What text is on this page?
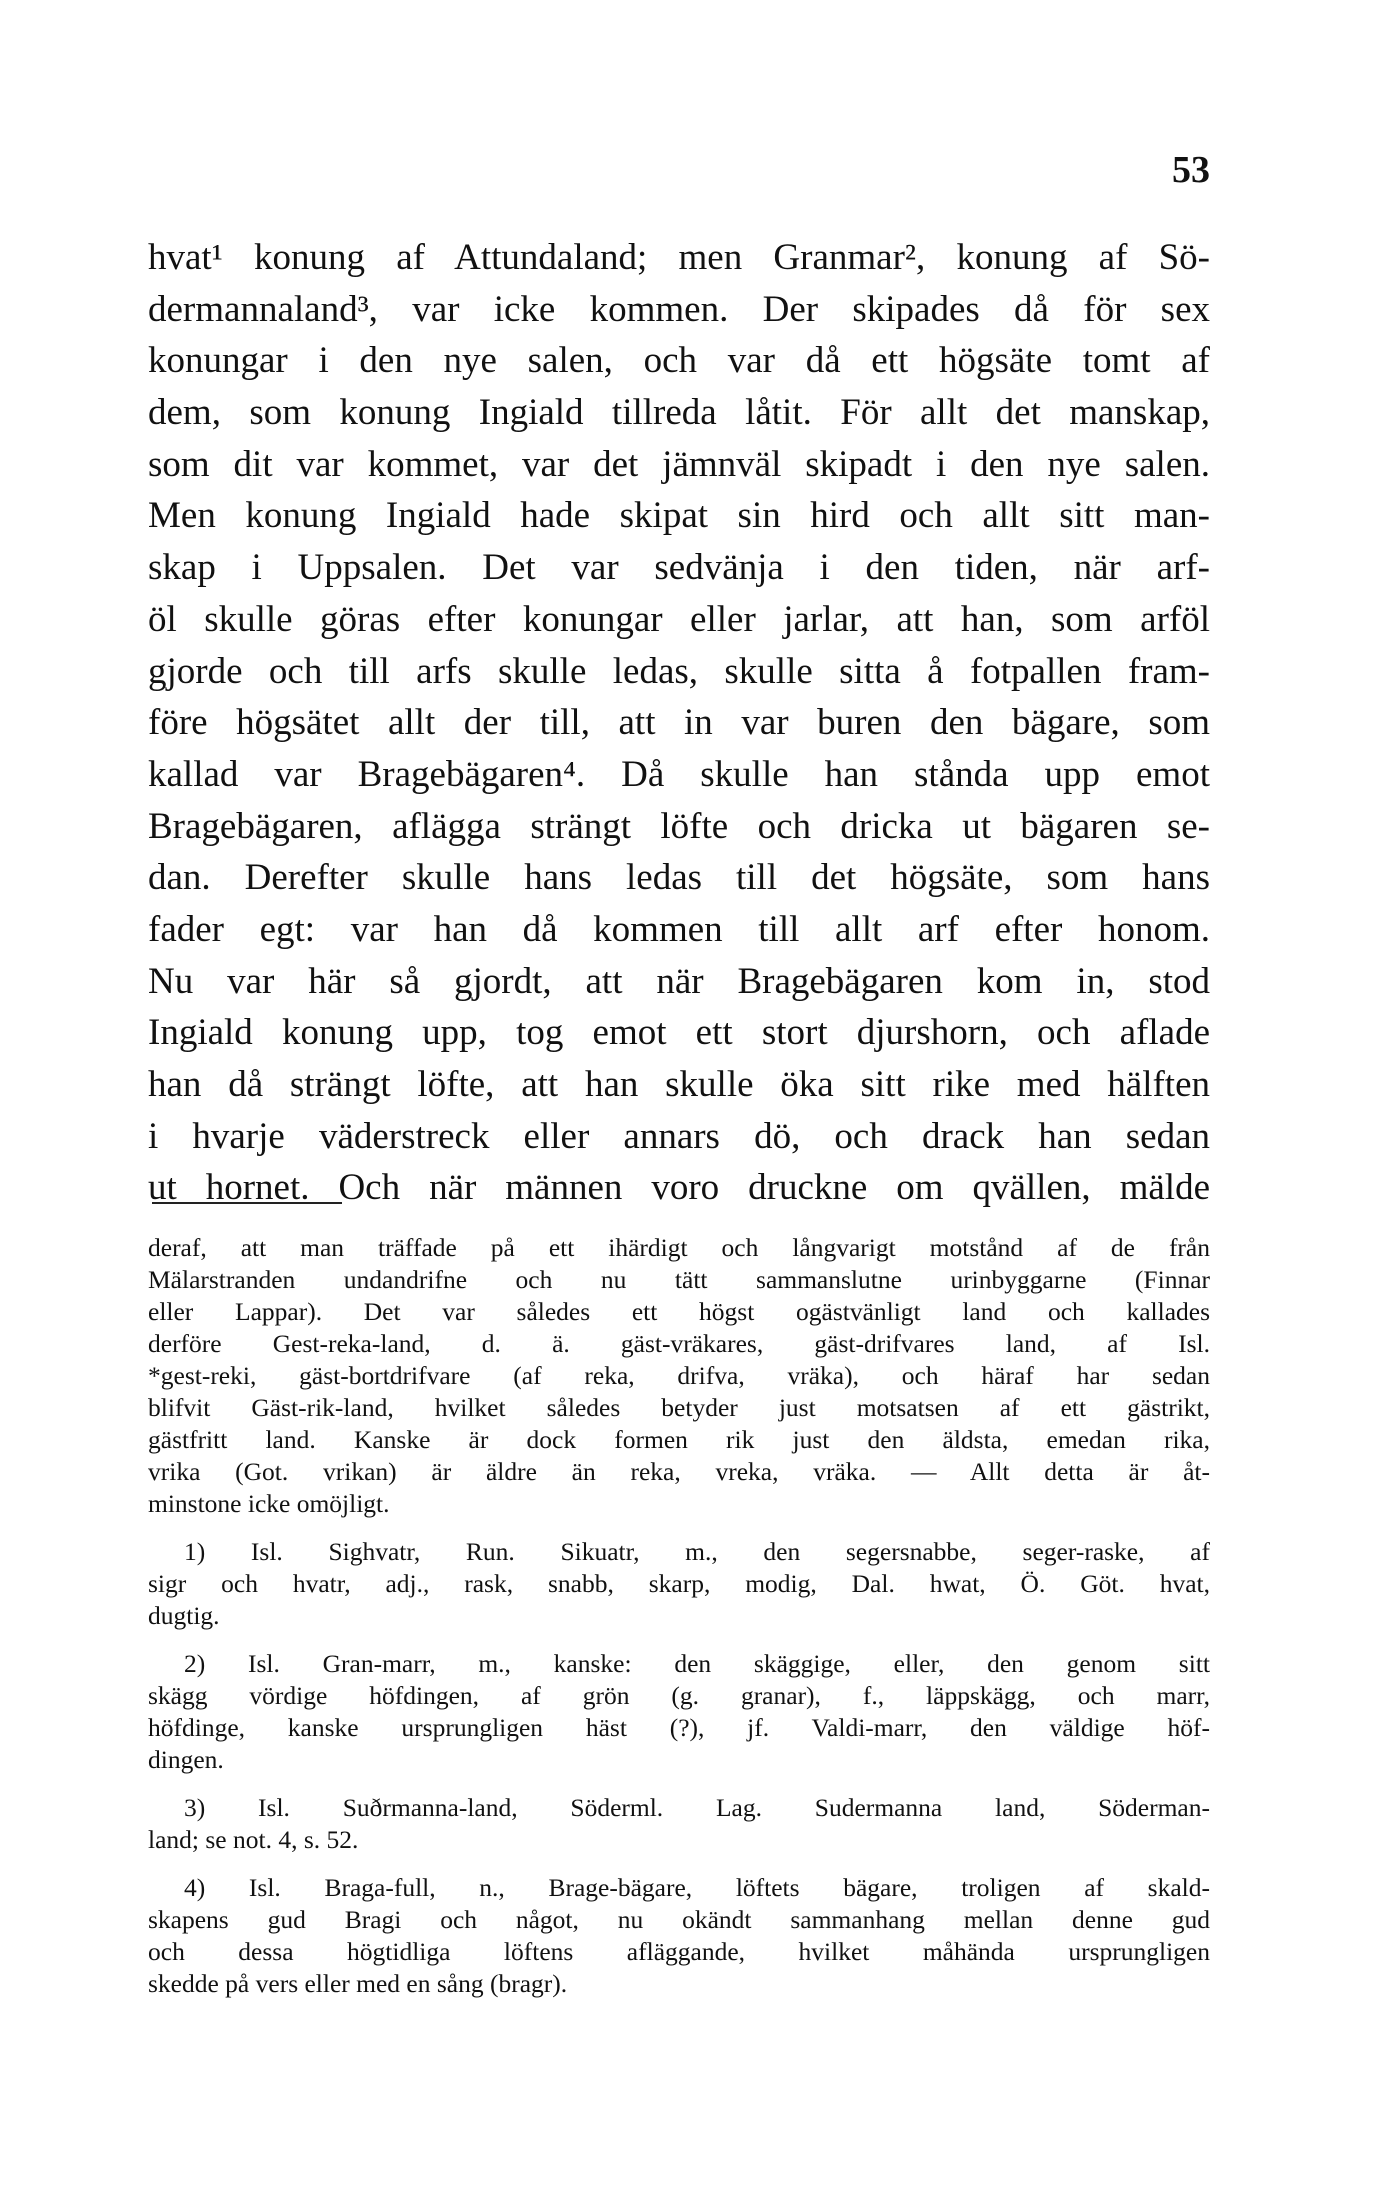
53
hvat¹ konung af Attundaland; men Granmar², konung af Sö-
dermannaland³, var icke kommen. Der skipades då för sex
konungar i den nye salen, och var då ett högsäte tomt af
dem, som konung Ingiald tillreda låtit. För allt det manskap,
som dit var kommet, var det jämnväl skipadt i den nye salen.
Men konung Ingiald hade skipat sin hird och allt sitt man-
skap i Uppsalen. Det var sedvänja i den tiden, när arf-
öl skulle göras efter konungar eller jarlar, att han, som arföl
gjorde och till arfs skulle ledas, skulle sitta å fotpallen fram-
före högsätet allt der till, att in var buren den bägare, som
kallad var Bragebägaren⁴. Då skulle han stånda upp emot
Bragebägaren, aflägga strängt löfte och dricka ut bägaren se-
dan. Derefter skulle hans ledas till det högsäte, som hans
fader egt: var han då kommen till allt arf efter honom.
Nu var här så gjordt, att när Bragebägaren kom in, stod
Ingiald konung upp, tog emot ett stort djurshorn, och aflade
han då strängt löfte, att han skulle öka sitt rike med hälften
i hvarje väderstreck eller annars dö, och drack han sedan
ut hornet. Och när männen voro druckne om qvällen, mälde
deraf, att man träffade på ett ihärdigt och långvarigt motstånd af de från
Mälarstranden undandrifne och nu tätt sammanslutne urinbyggarne (Finnar
eller Lappar). Det var således ett högst ogästvänligt land och kallades
derföre Gest-reka-land, d. ä. gäst-vräkares, gäst-drifvares land, af Isl.
*gest-reki, gäst-bortdrifvare (af reka, drifva, vräka), och häraf har sedan
blifvit Gäst-rik-land, hvilket således betyder just motsatsen af ett gästrikt,
gästfritt land. Kanske är dock formen rik just den äldsta, emedan rika,
vrika (Got. vrikan) är äldre än reka, vreka, vräka. — Allt detta är åt-
minstone icke omöjligt.
1) Isl. Sighvatr, Run. Sikuatr, m., den segersnabbe, seger-raske, af
sigr och hvatr, adj., rask, snabb, skarp, modig, Dal. hwat, Ö. Göt. hvat,
dugtig.
2) Isl. Gran-marr, m., kanske: den skäggige, eller, den genom sitt
skägg vördige höfdingen, af grön (g. granar), f., läppskägg, och marr,
höfdinge, kanske ursprungligen häst (?), jf. Valdi-marr, den väldige höf-
dingen.
3) Isl. Suðrmanna-land, Söderml. Lag. Sudermanna land, Söderman-
land; se not. 4, s. 52.
4) Isl. Braga-full, n., Brage-bägare, löftets bägare, troligen af skald-
skapens gud Bragi och något, nu okändt sammanhang mellan denne gud
och dessa högtidliga löftens afläggande, hvilket måhända ursprungligen
skedde på vers eller med en sång (bragr).
